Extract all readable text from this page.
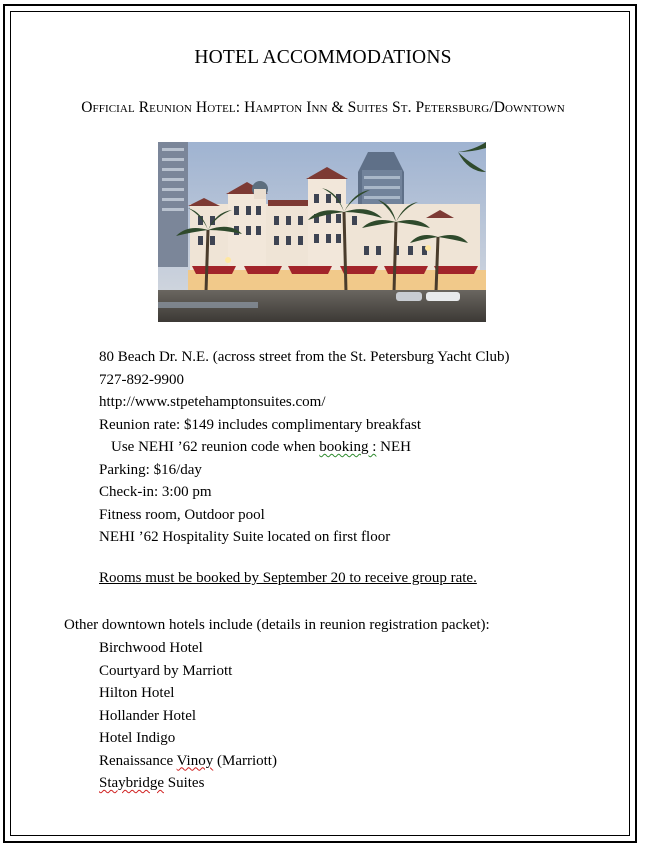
HOTEL ACCOMMODATIONS
Official Reunion Hotel: Hampton Inn & Suites St. Petersburg/Downtown
80 Beach Dr. N.E. (across street from the St. Petersburg Yacht Club)
727-892-9900
http://www.stpetehamptonsuites.com/
Reunion rate: $149 includes complimentary breakfast
Use NEHI ’62 reunion code when booking : NEH
Parking: $16/day
Check-in: 3:00 pm
Fitness room, Outdoor pool
NEHI ’62 Hospitality Suite located on first floor
Rooms must be booked by September 20 to receive group rate.
Other downtown hotels include (details in reunion registration packet):
Birchwood Hotel
Courtyard by Marriott
Hilton Hotel
Hollander Hotel
Hotel Indigo
Renaissance Vinoy (Marriott)
Staybridge Suites
